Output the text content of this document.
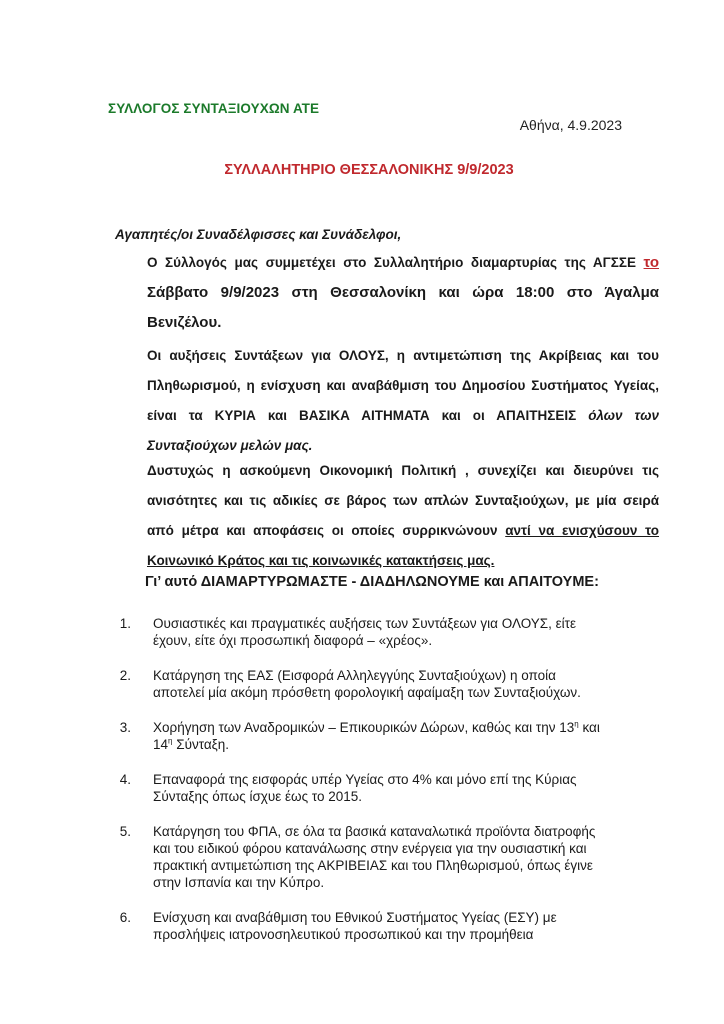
ΣΥΛΛΟΓΟΣ ΣΥΝΤΑΞΙΟΥΧΩΝ ΑΤΕ
Αθήνα, 4.9.2023
ΣΥΛΛΑΛΗΤΗΡΙΟ ΘΕΣΣΑΛΟΝΙΚΗΣ 9/9/2023
Αγαπητές/οι Συναδέλφισσες και Συνάδελφοι,
Ο Σύλλογός μας συμμετέχει στο Συλλαλητήριο διαμαρτυρίας της ΑΓΣΣΕ το Σάββατο 9/9/2023 στη Θεσσαλονίκη και ώρα 18:00 στο Άγαλμα Βενιζέλου.
Οι αυξήσεις Συντάξεων για ΟΛΟΥΣ, η αντιμετώπιση της Ακρίβειας και του Πληθωρισμού, η ενίσχυση και αναβάθμιση του Δημοσίου Συστήματος Υγείας, είναι τα ΚΥΡΙΑ και ΒΑΣΙΚΑ ΑΙΤΗΜΑΤΑ και οι ΑΠΑΙΤΗΣΕΙΣ όλων των Συνταξιούχων μελών μας.
Δυστυχώς η ασκούμενη Οικονομική Πολιτική , συνεχίζει και διευρύνει τις ανισότητες και τις αδικίες σε βάρος των απλών Συνταξιούχων, με μία σειρά από μέτρα και αποφάσεις οι οποίες συρρικνώνουν αντί να ενισχύσουν το Κοινωνικό Κράτος και τις κοινωνικές κατακτήσεις μας.
Γι’ αυτό ΔΙΑΜΑΡΤΥΡΩΜΑΣΤΕ - ΔΙΑΔΗΛΩΝΟΥΜΕ και ΑΠΑΙΤΟΥΜΕ:
1.	Ουσιαστικές και πραγματικές αυξήσεις των Συντάξεων για ΟΛΟΥΣ, είτε έχουν, είτε όχι προσωπική διαφορά – «χρέος».
2.	Κατάργηση της ΕΑΣ (Εισφορά Αλληλεγγύης Συνταξιούχων) η οποία αποτελεί μία ακόμη πρόσθετη φορολογική αφαίμαξη των Συνταξιούχων.
3.	Χορήγηση των Αναδρομικών – Επικουρικών Δώρων, καθώς και την $13^\eta$ και $14^\eta$ Σύνταξη.
4.	Επαναφορά της εισφοράς υπέρ Υγείας στο 4% και μόνο επί της Κύριας Σύνταξης όπως ίσχυε έως το 2015.
5.	Κατάργηση του ΦΠΑ, σε όλα τα βασικά καταναλωτικά προϊόντα διατροφής και του ειδικού φόρου κατανάλωσης στην ενέργεια για την ουσιαστική και πρακτική αντιμετώπιση της ΑΚΡΙΒΕΙΑΣ και του Πληθωρισμού, όπως έγινε στην Ισπανία και την Κύπρο.
6.	Ενίσχυση και αναβάθμιση του Εθνικού Συστήματος Υγείας (ΕΣΥ) με προσλήψεις ιατρονοσηλευτικού προσωπικού και την προμήθεια
